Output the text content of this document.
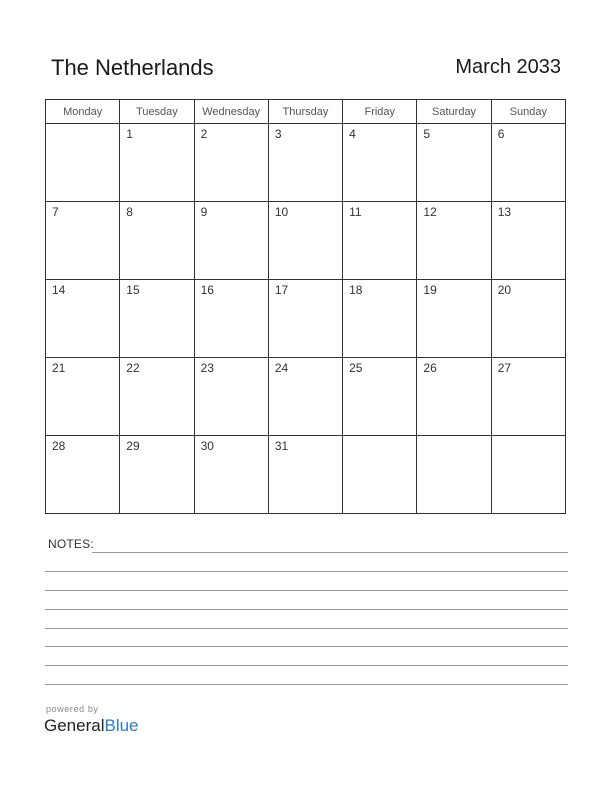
The Netherlands	March 2033
Monday	Tuesday	Wednesday	Thursday	Friday	Saturday	Sunday

	1	2	3	4	5	6

7	8	9	10	11	12	13

14	15	16	17	18	19	20

21	22	23	24	25	26	27

28	29	30	31			

NOTES:
powered by
GeneralBlue
